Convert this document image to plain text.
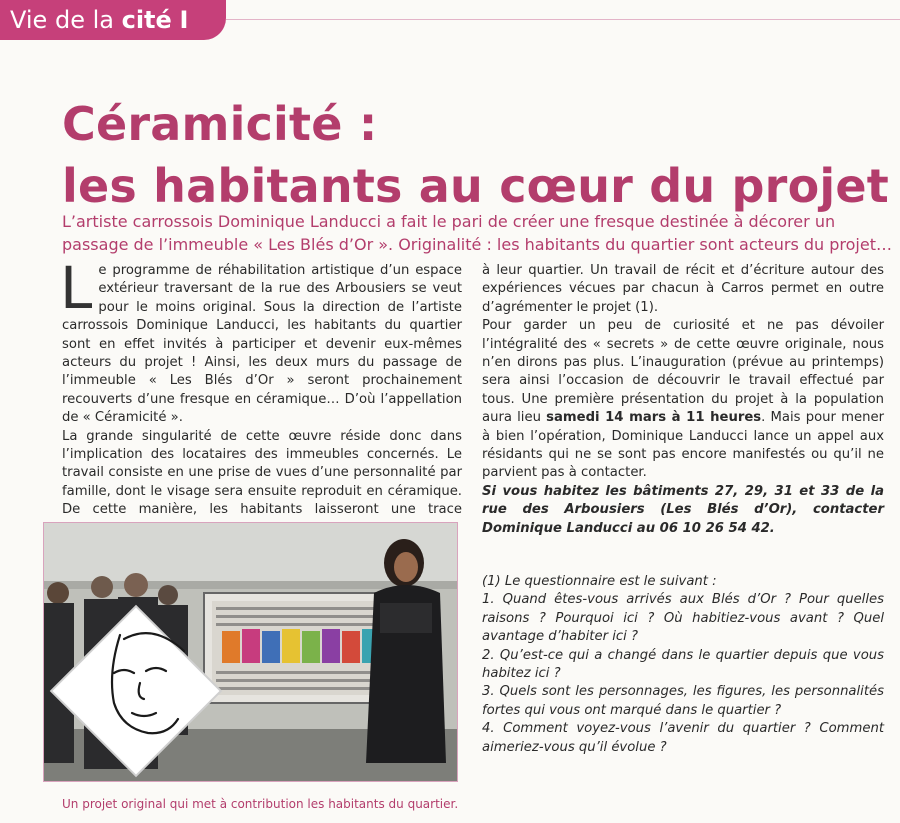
Vie de la cité I
Céramicité :
les habitants au cœur du projet

L’artiste carrossois Dominique Landucci a fait le pari de créer une fresque destinée à décorer un passage de l’immeuble « Les Blés d’Or ». Originalité : les habitants du quartier sont acteurs du projet…

Le programme de réhabilitation artistique d’un espace extérieur traversant de la rue des Arbousiers se veut pour le moins original. Sous la direction de l’artiste carrossois Dominique Landucci, les habitants du quartier sont en effet invités à participer et devenir eux-mêmes acteurs du projet ! Ainsi, les deux murs du passage de l’immeuble « Les Blés d’Or » seront prochainement recouverts d’une fresque en céramique… D’où l’appellation de « Céramicité ».

La grande singularité de cette œuvre réside donc dans l’implication des locataires des immeubles concernés. Le travail consiste en une prise de vues d’une personnalité par famille, dont le visage sera ensuite reproduit en céramique. De cette manière, les habitants laisseront une trace

à leur quartier. Un travail de récit et d’écriture autour des expériences vécues par chacun à Carros permet en outre d’agrémenter le projet (1).

Pour garder un peu de curiosité et ne pas dévoiler l’intégralité des « secrets » de cette œuvre originale, nous n’en dirons pas plus. L’inauguration (prévue au printemps) sera ainsi l’occasion de découvrir le travail effectué par tous. Une première présentation du projet à la population aura lieu samedi 14 mars à 11 heures. Mais pour mener à bien l’opération, Dominique Landucci lance un appel aux résidants qui ne se sont pas encore manifestés ou qu’il ne parvient pas à contacter.

Si vous habitez les bâtiments 27, 29, 31 et 33 de la rue des Arbousiers (Les Blés d’Or), contacter Dominique Landucci au 06 10 26 54 42.

Un projet original qui met à contribution les habitants du quartier.

(1) Le questionnaire est le suivant :

1. Quand êtes-vous arrivés aux Blés d’Or ? Pour quelles raisons ? Pourquoi ici ? Où habitiez-vous avant ? Quel avantage d’habiter ici ?

2. Qu’est-ce qui a changé dans le quartier depuis que vous habitez ici ?

3. Quels sont les personnages, les figures, les personnalités fortes qui vous ont marqué dans le quartier ?

4. Comment voyez-vous l’avenir du quartier ? Comment aimeriez-vous qu’il évolue ?
